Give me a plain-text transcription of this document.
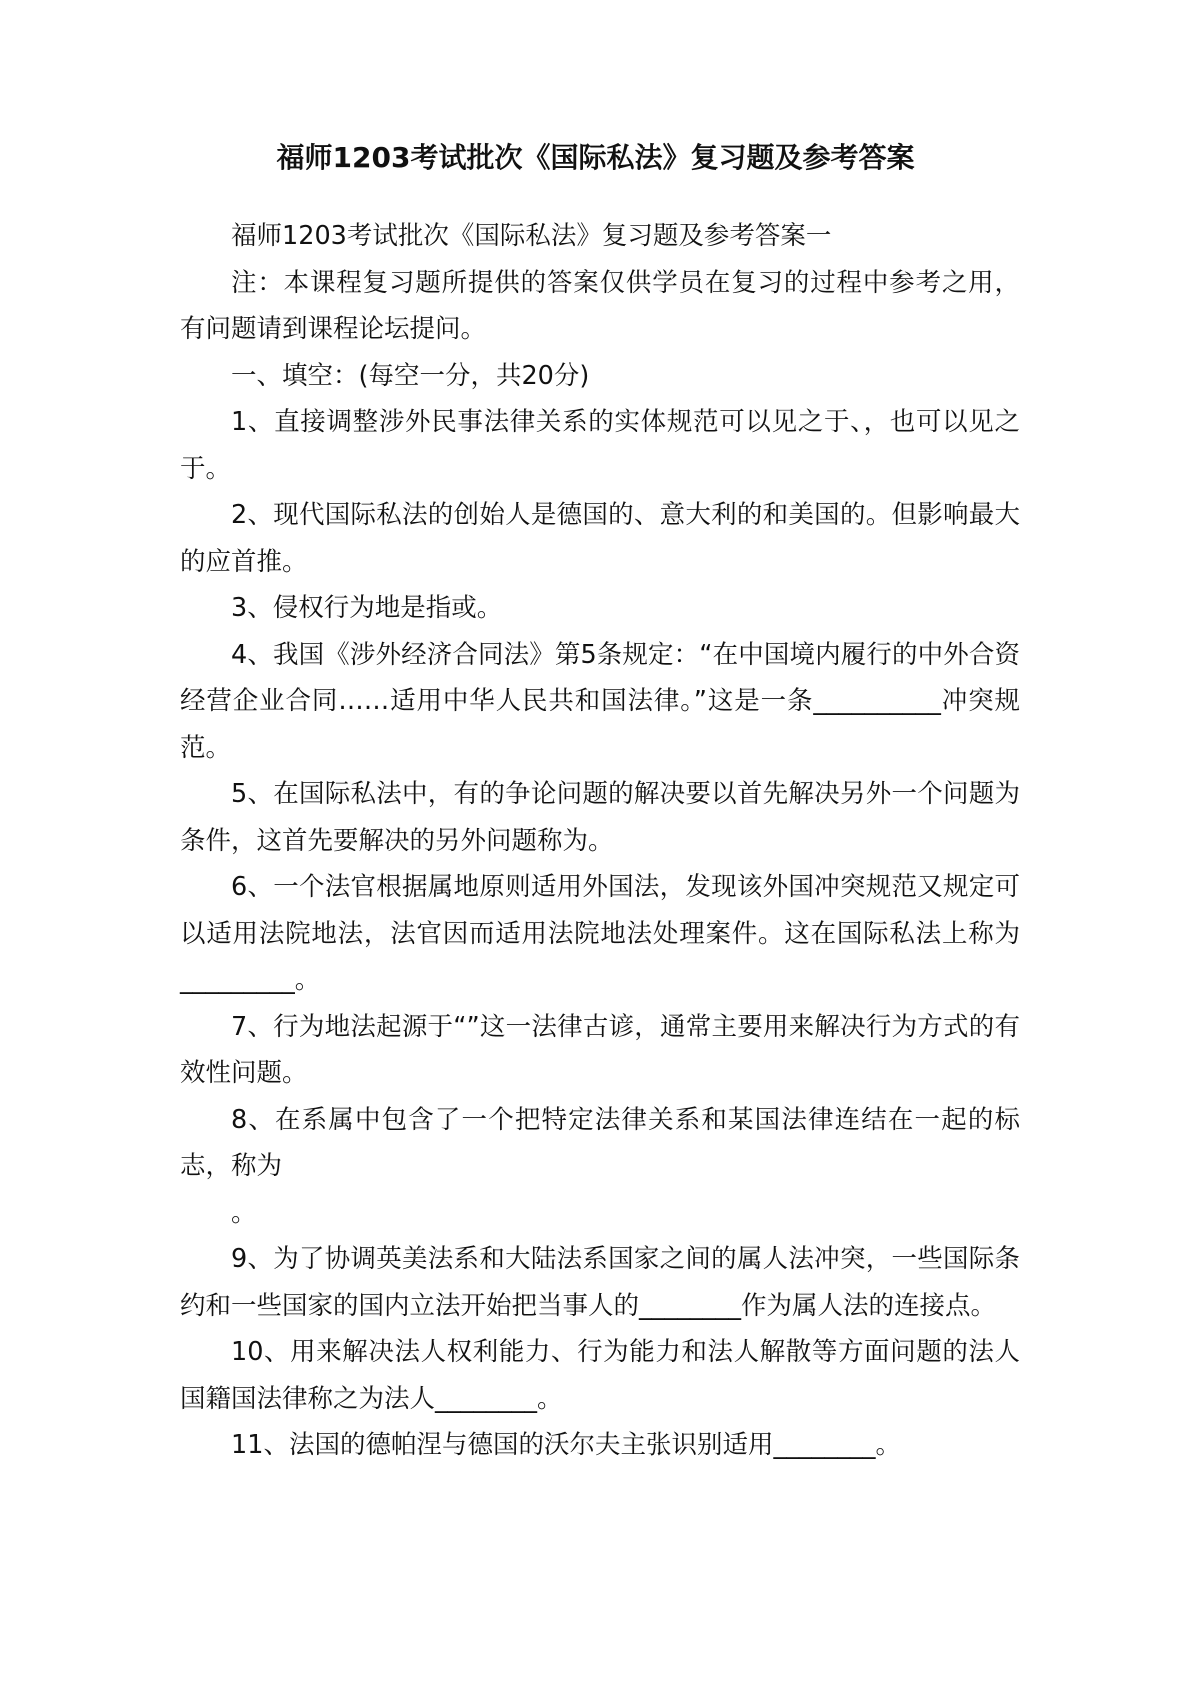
福师1203考试批次《国际私法》复习题及参考答案

福师1203考试批次《国际私法》复习题及参考答案一

注：本课程复习题所提供的答案仅供学员在复习的过程中参考之用，有问题请到课程论坛提问。

一、填空：(每空一分，共20分)

1、直接调整涉外民事法律关系的实体规范可以见之于、，也可以见之于。

2、现代国际私法的创始人是德国的、意大利的和美国的。但影响最大的应首推。

3、侵权行为地是指或。

4、我国《涉外经济合同法》第5条规定：“在中国境内履行的中外合资经营企业合同……适用中华人民共和国法律。”这是一条__________冲突规范。

5、在国际私法中，有的争论问题的解决要以首先解决另外一个问题为条件，这首先要解决的另外问题称为。

6、一个法官根据属地原则适用外国法，发现该外国冲突规范又规定可以适用法院地法，法官因而适用法院地法处理案件。这在国际私法上称为_________。

7、行为地法起源于“”这一法律古谚，通常主要用来解决行为方式的有效性问题。

8、在系属中包含了一个把特定法律关系和某国法律连结在一起的标志，称为

。

9、为了协调英美法系和大陆法系国家之间的属人法冲突，一些国际条约和一些国家的国内立法开始把当事人的________作为属人法的连接点。

10、用来解决法人权利能力、行为能力和法人解散等方面问题的法人国籍国法律称之为法人________。

11、法国的德帕涅与德国的沃尔夫主张识别适用________。
